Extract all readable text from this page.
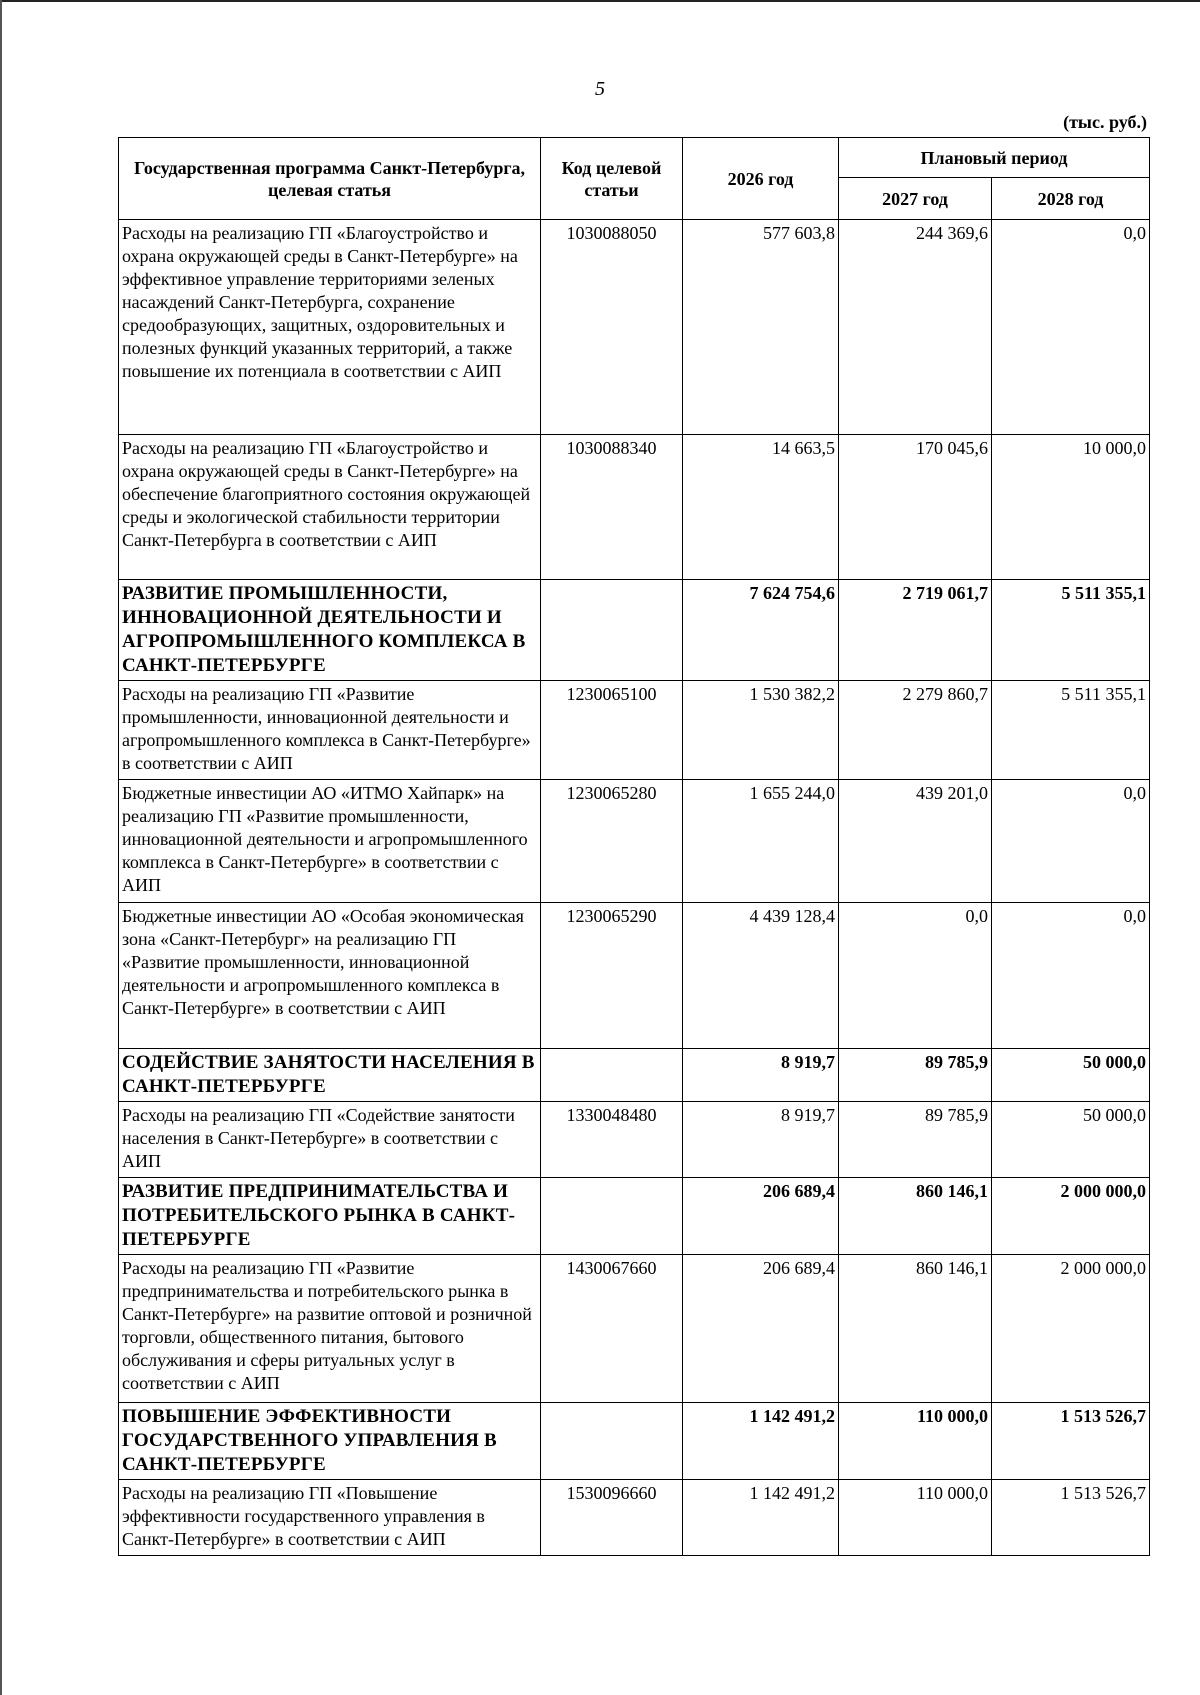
5
(тыс. руб.)
Государственная программа Санкт-Петербурга, целевая статья	Код целевой статьи	2026 год	Плановый период	
			2027 год	2028 год
Расходы на реализацию ГП «Благоустройство и охрана окружающей среды в Санкт-Петербурге» на эффективное управление территориями зеленых насаждений Санкт-Петербурга, сохранение средообразующих, защитных, оздоровительных и полезных функций указанных территорий, а также повышение их потенциала в соответствии с АИП	1030088050	577 603,8	244 369,6	0,0
Расходы на реализацию ГП «Благоустройство и охрана окружающей среды в Санкт-Петербурге» на обеспечение благоприятного состояния окружающей среды и экологической стабильности территории Санкт-Петербурга в соответствии с АИП	1030088340	14 663,5	170 045,6	10 000,0
РАЗВИТИЕ ПРОМЫШЛЕННОСТИ, ИННОВАЦИОННОЙ ДЕЯТЕЛЬНОСТИ И АГРОПРОМЫШЛЕННОГО КОМПЛЕКСА В САНКТ-ПЕТЕРБУРГЕ		7 624 754,6	2 719 061,7	5 511 355,1
Расходы на реализацию ГП «Развитие промышленности, инновационной деятельности и агропромышленного комплекса в Санкт-Петербурге» в соответствии с АИП	1230065100	1 530 382,2	2 279 860,7	5 511 355,1
Бюджетные инвестиции АО «ИТМО Хайпарк» на реализацию ГП «Развитие промышленности, инновационной деятельности и агропромышленного комплекса в Санкт-Петербурге» в соответствии с АИП	1230065280	1 655 244,0	439 201,0	0,0
Бюджетные инвестиции АО «Особая экономическая зона «Санкт-Петербург» на реализацию ГП «Развитие промышленности, инновационной деятельности и агропромышленного комплекса в Санкт-Петербурге» в соответствии с АИП	1230065290	4 439 128,4	0,0	0,0
СОДЕЙСТВИЕ ЗАНЯТОСТИ НАСЕЛЕНИЯ В САНКТ-ПЕТЕРБУРГЕ		8 919,7	89 785,9	50 000,0
Расходы на реализацию ГП «Содействие занятости населения в Санкт-Петербурге» в соответствии с АИП	1330048480	8 919,7	89 785,9	50 000,0
РАЗВИТИЕ ПРЕДПРИНИМАТЕЛЬСТВА И ПОТРЕБИТЕЛЬСКОГО РЫНКА В САНКТ-ПЕТЕРБУРГЕ		206 689,4	860 146,1	2 000 000,0
Расходы на реализацию ГП «Развитие предпринимательства и потребительского рынка в Санкт-Петербурге» на развитие оптовой и розничной торговли, общественного питания, бытового обслуживания и сферы ритуальных услуг в соответствии с АИП	1430067660	206 689,4	860 146,1	2 000 000,0
ПОВЫШЕНИЕ ЭФФЕКТИВНОСТИ ГОСУДАРСТВЕННОГО УПРАВЛЕНИЯ В САНКТ-ПЕТЕРБУРГЕ		1 142 491,2	110 000,0	1 513 526,7
Расходы на реализацию ГП «Повышение эффективности государственного управления в Санкт-Петербурге» в соответствии с АИП	1530096660	1 142 491,2	110 000,0	1 513 526,7
